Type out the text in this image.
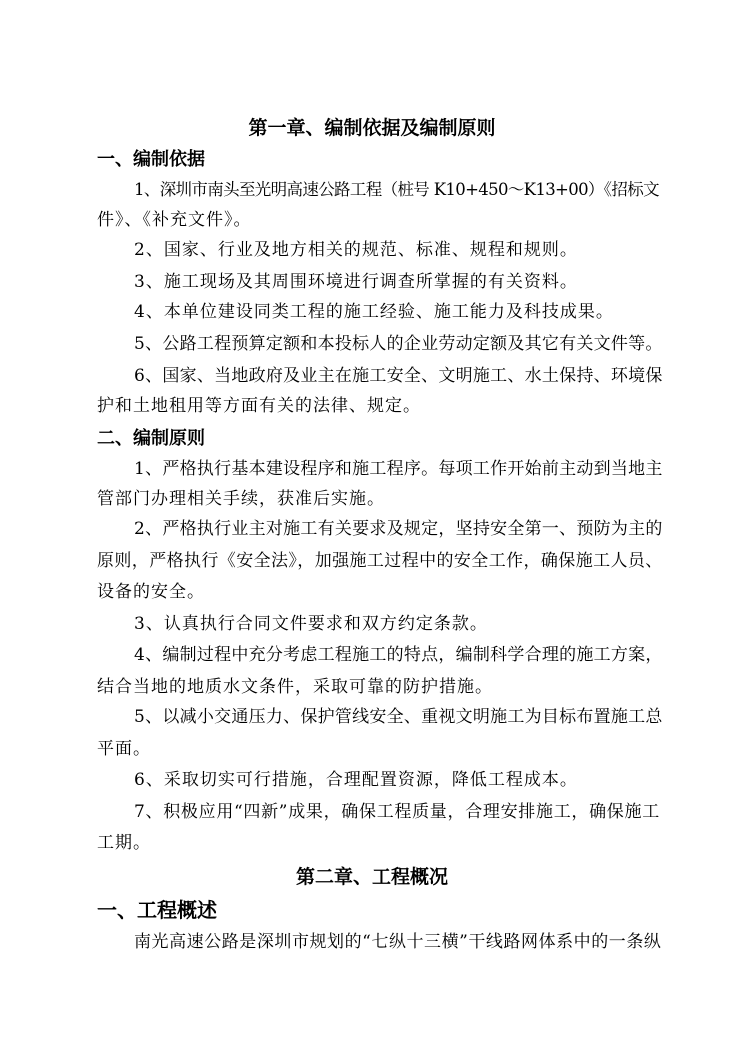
第一章、编制依据及编制原则
一、编制依据
1、深圳市南头至光明高速公路工程（桩号 K10+450～K13+00）《招标文
件》、《补充文件》。
2、国家、行业及地方相关的规范、标准、规程和规则。
3、施工现场及其周围环境进行调查所掌握的有关资料。
4、本单位建设同类工程的施工经验、施工能力及科技成果。
5、公路工程预算定额和本投标人的企业劳动定额及其它有关文件等。
6、国家、当地政府及业主在施工安全、文明施工、水土保持、环境保
护和土地租用等方面有关的法律、规定。
二、编制原则
1、严格执行基本建设程序和施工程序。每项工作开始前主动到当地主
管部门办理相关手续，获准后实施。
2、严格执行业主对施工有关要求及规定，坚持安全第一、预防为主的
原则，严格执行《安全法》，加强施工过程中的安全工作，确保施工人员、
设备的安全。
3、认真执行合同文件要求和双方约定条款。
4、编制过程中充分考虑工程施工的特点，编制科学合理的施工方案，
结合当地的地质水文条件，采取可靠的防护措施。
5、以减小交通压力、保护管线安全、重视文明施工为目标布置施工总
平面。
6、采取切实可行措施，合理配置资源，降低工程成本。
7、积极应用“四新”成果，确保工程质量，合理安排施工，确保施工
工期。
第二章、工程概况
一、工程概述
南光高速公路是深圳市规划的“七纵十三横”干线路网体系中的一条纵
